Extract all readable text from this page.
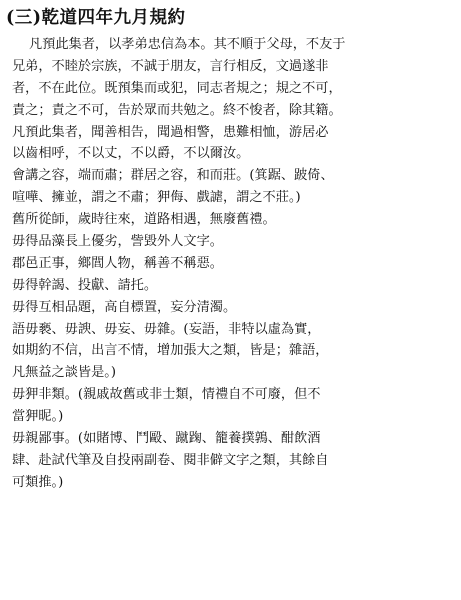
(三)乾道四年九月規約
凡預此集者，以孝弟忠信為本。其不順于父母，不友于
兄弟，不睦於宗族，不誠于朋友，言行相反，文過遂非
者，不在此位。既預集而或犯，同志者規之；規之不可，
責之；責之不可，告於眾而共勉之。終不悛者，除其籍。
凡預此集者，聞善相告，聞過相警，患難相恤，游居必
以齒相呼，不以丈，不以爵，不以爾汝。
會講之容，端而肅；群居之容，和而莊。(箕踞、跛倚、
喧嘩、擁並，謂之不肅；狎侮、戲謔，謂之不莊。)
舊所從師，歲時往來，道路相遇，無廢舊禮。
毋得品藻長上優劣，訾毀外人文字。
郡邑正事，鄉閭人物，稱善不稱惡。
毋得幹謁、投獻、請托。
毋得互相品題，高自標置，妄分清濁。
語毋褻、毋諛、毋妄、毋雜。(妄語，非特以虛為實，
如期約不信，出言不情，增加張大之類，皆是；雜語，
凡無益之談皆是。)
毋狎非類。(親戚故舊或非士類，情禮自不可廢，但不
當狎昵。)
毋親鄙事。(如賭博、鬥毆、蹴踘、籠養撲鶉、酣飲酒
肆、赴試代筆及自投兩副卷、閱非僻文字之類，其餘自
可類推。)
